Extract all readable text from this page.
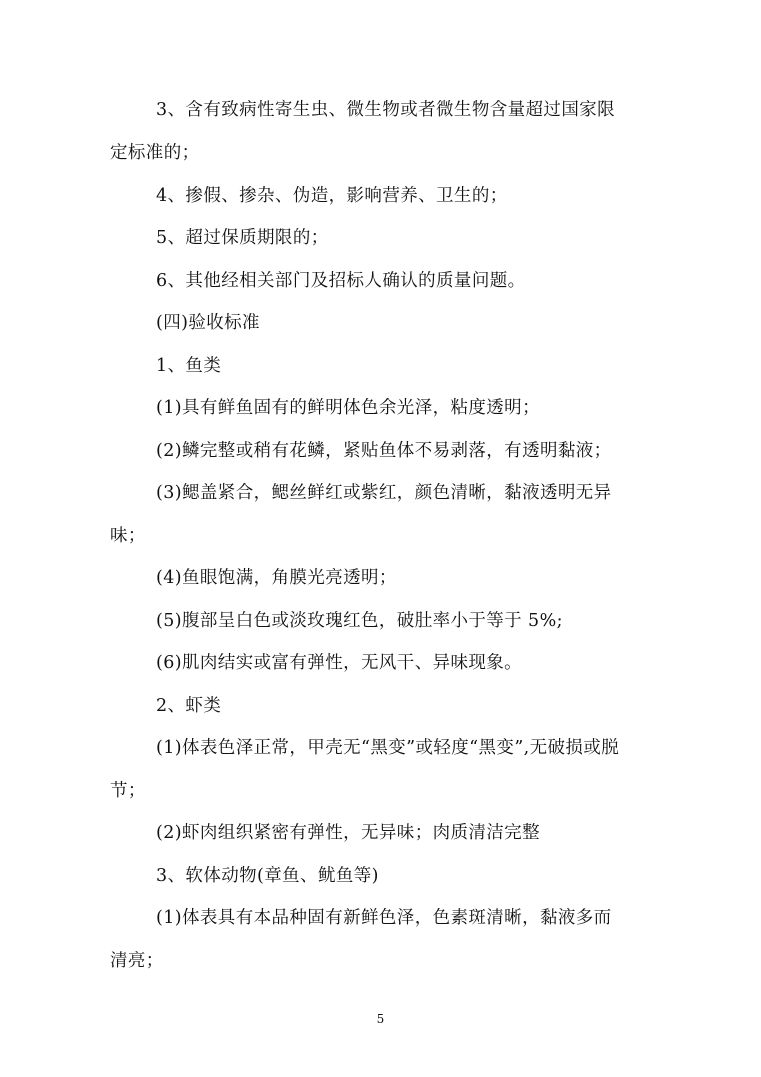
3、含有致病性寄生虫、微生物或者微生物含量超过国家限
定标准的；
4、掺假、掺杂、伪造，影响营养、卫生的；
5、超过保质期限的；
6、其他经相关部门及招标人确认的质量问题。
(四)验收标准
1、鱼类
(1)具有鲜鱼固有的鲜明体色余光泽，粘度透明；
(2)鳞完整或稍有花鳞，紧贴鱼体不易剥落，有透明黏液；
(3)鳃盖紧合，鳃丝鲜红或紫红，颜色清晰，黏液透明无异
味；
(4)鱼眼饱满，角膜光亮透明；
(5)腹部呈白色或淡玫瑰红色，破肚率小于等于 5%;
(6)肌肉结实或富有弹性，无风干、异味现象。
2、虾类
(1)体表色泽正常，甲壳无“黑变”或轻度“黑变”,无破损或脱
节；
(2)虾肉组织紧密有弹性，无异味；肉质清洁完整
3、软体动物(章鱼、鱿鱼等)
(1)体表具有本品种固有新鲜色泽，色素斑清晰，黏液多而
清亮；
5
